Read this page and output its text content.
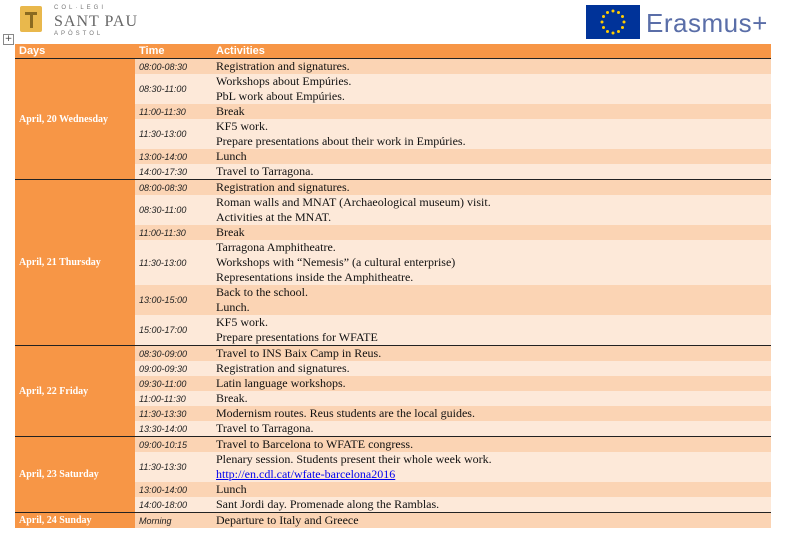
COL·LEGI
SANT PAU
APÒSTOL	Erasmus+
+
Days	Time	Activities
April, 20 Wednesday	08:00-08:30	Registration and signatures.

	08:30-11:00	Workshops about Empúries.
PbL work about Empúries.

	11:00-11:30	Break

	11:30-13:00	KF5 work.
Prepare presentations about their work in Empúries.

	13:00-14:00	Lunch

	14:00-17:30	Travel to Tarragona.

April, 21 Thursday	08:00-08:30	Registration and signatures.

	08:30-11:00	Roman walls and MNAT (Archaeological museum) visit.
Activities at the MNAT.

	11:00-11:30	Break

	11:30-13:00	Tarragona Amphitheatre.
Workshops with “Nemesis” (a cultural enterprise)
Representations inside the Amphitheatre.

	13:00-15:00	Back to the school.
Lunch.

	15:00-17:00	KF5 work.
Prepare presentations for WFATE

April, 22 Friday	08:30-09:00	Travel to INS Baix Camp in Reus.

	09:00-09:30	Registration and signatures.

	09:30-11:00	Latin language workshops.

	11:00-11:30	Break.

	11:30-13:30	Modernism routes. Reus students are the local guides.

	13:30-14:00	Travel to Tarragona.

April, 23 Saturday	09:00-10:15	Travel to Barcelona to WFATE congress.

	11:30-13:30	Plenary session. Students present their whole week work.
http://en.cdl.cat/wfate-barcelona2016

	13:00-14:00	Lunch

	14:00-18:00	Sant Jordi day. Promenade along the Ramblas.

April, 24 Sunday	Morning	Departure to Italy and Greece
